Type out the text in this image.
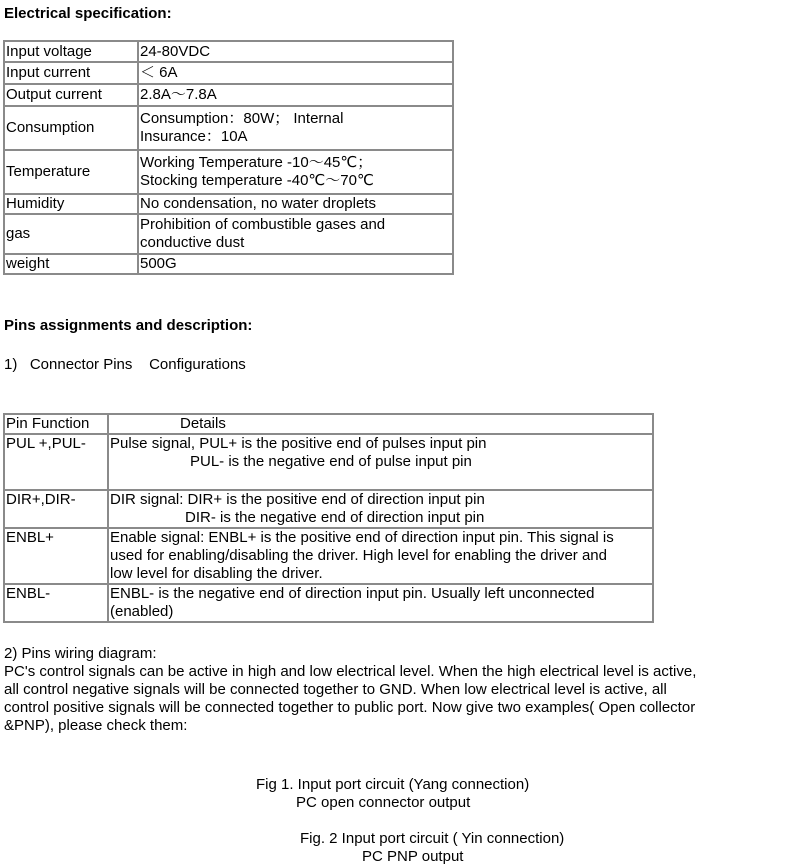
Electrical specification:
Input voltage	24-80VDC
Input current	＜ 6A
Output current	2.8A～7.8A
Consumption	Consumption：80W； Internal
Insurance：10A

Temperature	Working Temperature -10～45℃；
Stocking temperature -40℃～70℃

Humidity	No condensation, no water droplets
gas	Prohibition of combustible gases and
conductive dust

weight	500G
Pins assignments and description:
1)   Connector Pins    Configurations
Pin Function	Details
PUL +,PUL-	Pulse signal, PUL+ is the positive end of pulses input pin
PUL- is the negative end of pulse input pin

DIR+,DIR-	DIR signal: DIR+ is the positive end of direction input pin
DIR- is the negative end of direction input pin

ENBL+	Enable signal: ENBL+ is the positive end of direction input pin. This signal is
used for enabling/disabling the driver. High level for enabling the driver and
low level for disabling the driver.

ENBL-	ENBL- is the negative end of direction input pin. Usually left unconnected
(enabled)
2) Pins wiring diagram:
PC's control signals can be active in high and low electrical level. When the high electrical level is active,
all control negative signals will be connected together to GND. When low electrical level is active, all
control positive signals will be connected together to public port. Now give two examples( Open collector
&PNP), please check them:
Fig 1. Input port circuit (Yang connection)
PC open connector output
Fig. 2 Input port circuit ( Yin connection)
PC PNP output
